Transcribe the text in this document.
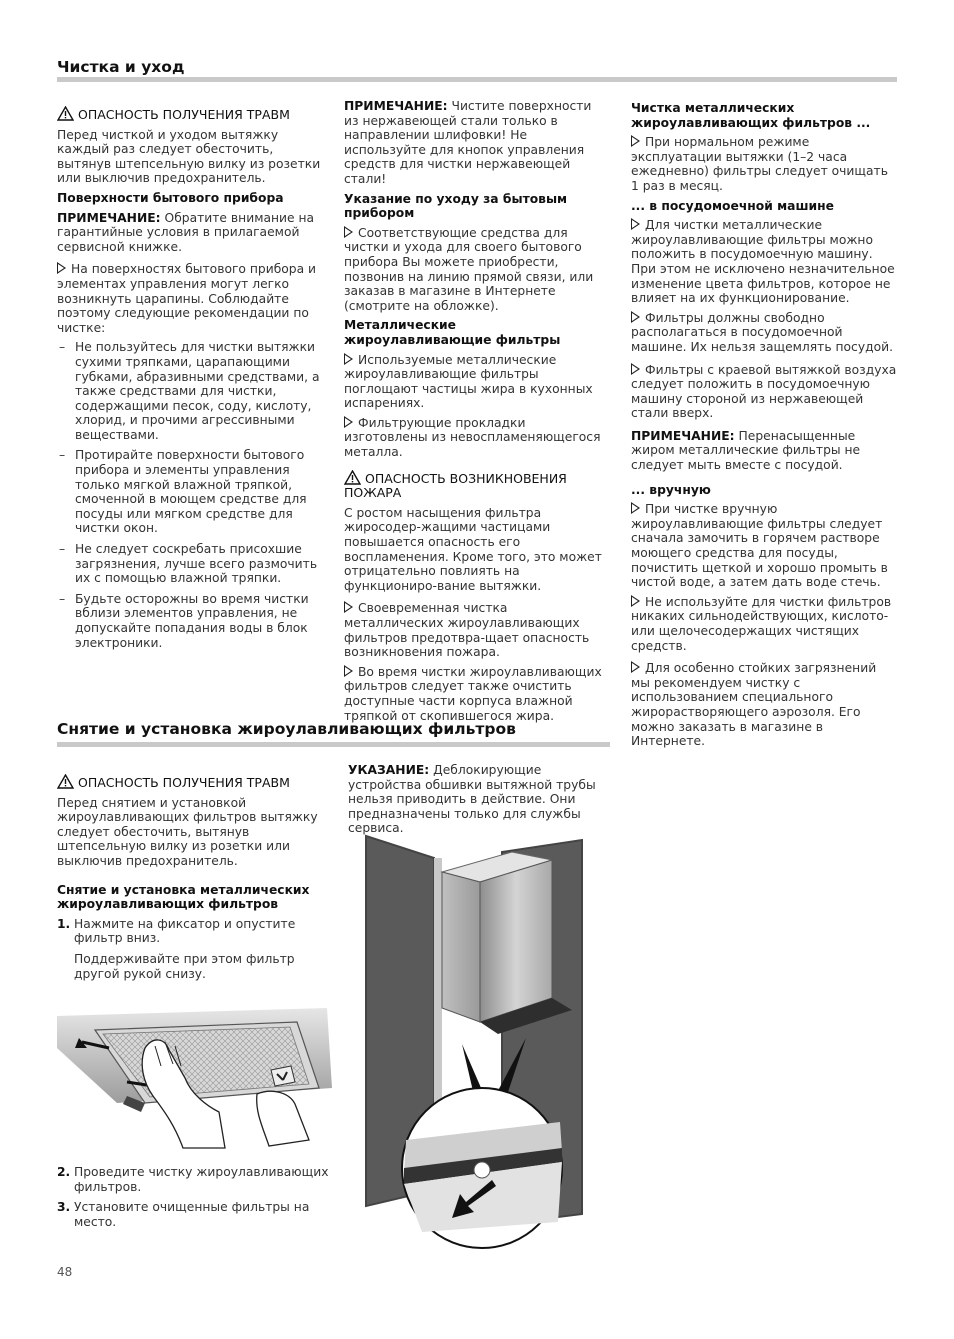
Чистка и уход

ОПАСНОСТЬ ПОЛУЧЕНИЯ ТРАВМ

Перед чисткой и уходом вытяжку каждый раз следует обесточить, вытянув штепсельную вилку из розетки или выключив предохранитель.

Поверхности бытового прибора

ПРИМЕЧАНИЕ: Обратите внимание на гарантийные условия в прилагаемой сервисной книжке.

На поверхностях бытового прибора и элементах управления могут легко возникнуть царапины. Соблюдайте поэтому следующие рекомендации по чистке:

– Не пользуйтесь для чистки вытяжки сухими тряпками, царапающими губками, абразивными средствами, а также средствами для чистки, содержащими песок, соду, кислоту, хлорид, и прочими агрессивными веществами.
– Протирайте поверхности бытового прибора и элементы управления только мягкой влажной тряпкой, смоченной в моющем средстве для посуды или мягком средстве для чистки окон.
– Не следует соскребать присохшие загрязнения, лучше всего размочить их с помощью влажной тряпки.
– Будьте осторожны во время чистки вблизи элементов управления, не допускайте попадания воды в блок электроники.

ПРИМЕЧАНИЕ: Чистите поверхности из нержавеющей стали только в направлении шлифовки! Не используйте для кнопок управления средств для чистки нержавеющей стали!

Указание по уходу за бытовым прибором

Соответствующие средства для чистки и ухода для своего бытового прибора Вы можете приобрести, позвонив на линию прямой связи, или заказав в магазине в Интернете (смотрите на обложке).

Металлические жироулавливающие фильтры

Используемые металлические жироулавливающие фильтры поглощают частицы жира в кухонных испарениях.

Фильтрующие прокладки изготовлены из невоспламеняющегося металла.

ОПАСНОСТЬ ВОЗНИКНОВЕНИЯ ПОЖАРА

С ростом насыщения фильтра жиросодер-жащими частицами повышается опасность его воспламенения. Кроме того, это может отрицательно повлиять на функциониро-вание вытяжки.

Своевременная чистка металлических жироулавливающих фильтров предотвра-щает опасность возникновения пожара.

Во время чистки жироулавливающих фильтров следует также очистить доступные части корпуса влажной тряпкой от скопившегося жира.

Чистка металлических жироулавливающих фильтров ...

При нормальном режиме эксплуатации вытяжки (1–2 часа ежедневно) фильтры следует очищать 1 раз в месяц.

... в посудомоечной машине

Для чистки металлические жироулавливающие фильтры можно положить в посудомоечную машину. При этом не исключено незначительное изменение цвета фильтров, которое не влияет на их функционирование.

Фильтры должны свободно располагаться в посудомоечной машине. Их нельзя защемлять посудой.

Фильтры с краевой вытяжкой воздуха следует положить в посудомоечную машину стороной из нержавеющей стали вверх.

ПРИМЕЧАНИЕ: Перенасыщенные жиром металлические фильтры не следует мыть вместе с посудой.

... вручную

При чистке вручную жироулавливающие фильтры следует сначала замочить в горячем растворе моющего средства для посуды, почистить щеткой и хорошо промыть в чистой воде, а затем дать воде стечь.

Не используйте для чистки фильтров никаких сильнодействующих, кислото- или щелочесодержащих чистящих средств.

Для особенно стойких загрязнений мы рекомендуем чистку с использованием специального жирорастворяющего аэрозоля. Его можно заказать в магазине в Интернете.

Снятие и установка жироулавливающих фильтров

ОПАСНОСТЬ ПОЛУЧЕНИЯ ТРАВМ

Перед снятием и установкой жироулавливающих фильтров вытяжку следует обесточить, вытянув штепсельную вилку из розетки или выключив предохранитель.

Снятие и установка металлических жироулавливающих фильтров

1. Нажмите на фиксатор и опустите фильтр вниз.
Поддерживайте при этом фильтр другой рукой снизу.
2. Проведите чистку жироулавливающих фильтров.
3. Установите очищенные фильтры на место.

УКАЗАНИЕ: Деблокирующие устройства обшивки вытяжной трубы нельзя приводить в действие. Они предназначены только для службы сервиса.

48
